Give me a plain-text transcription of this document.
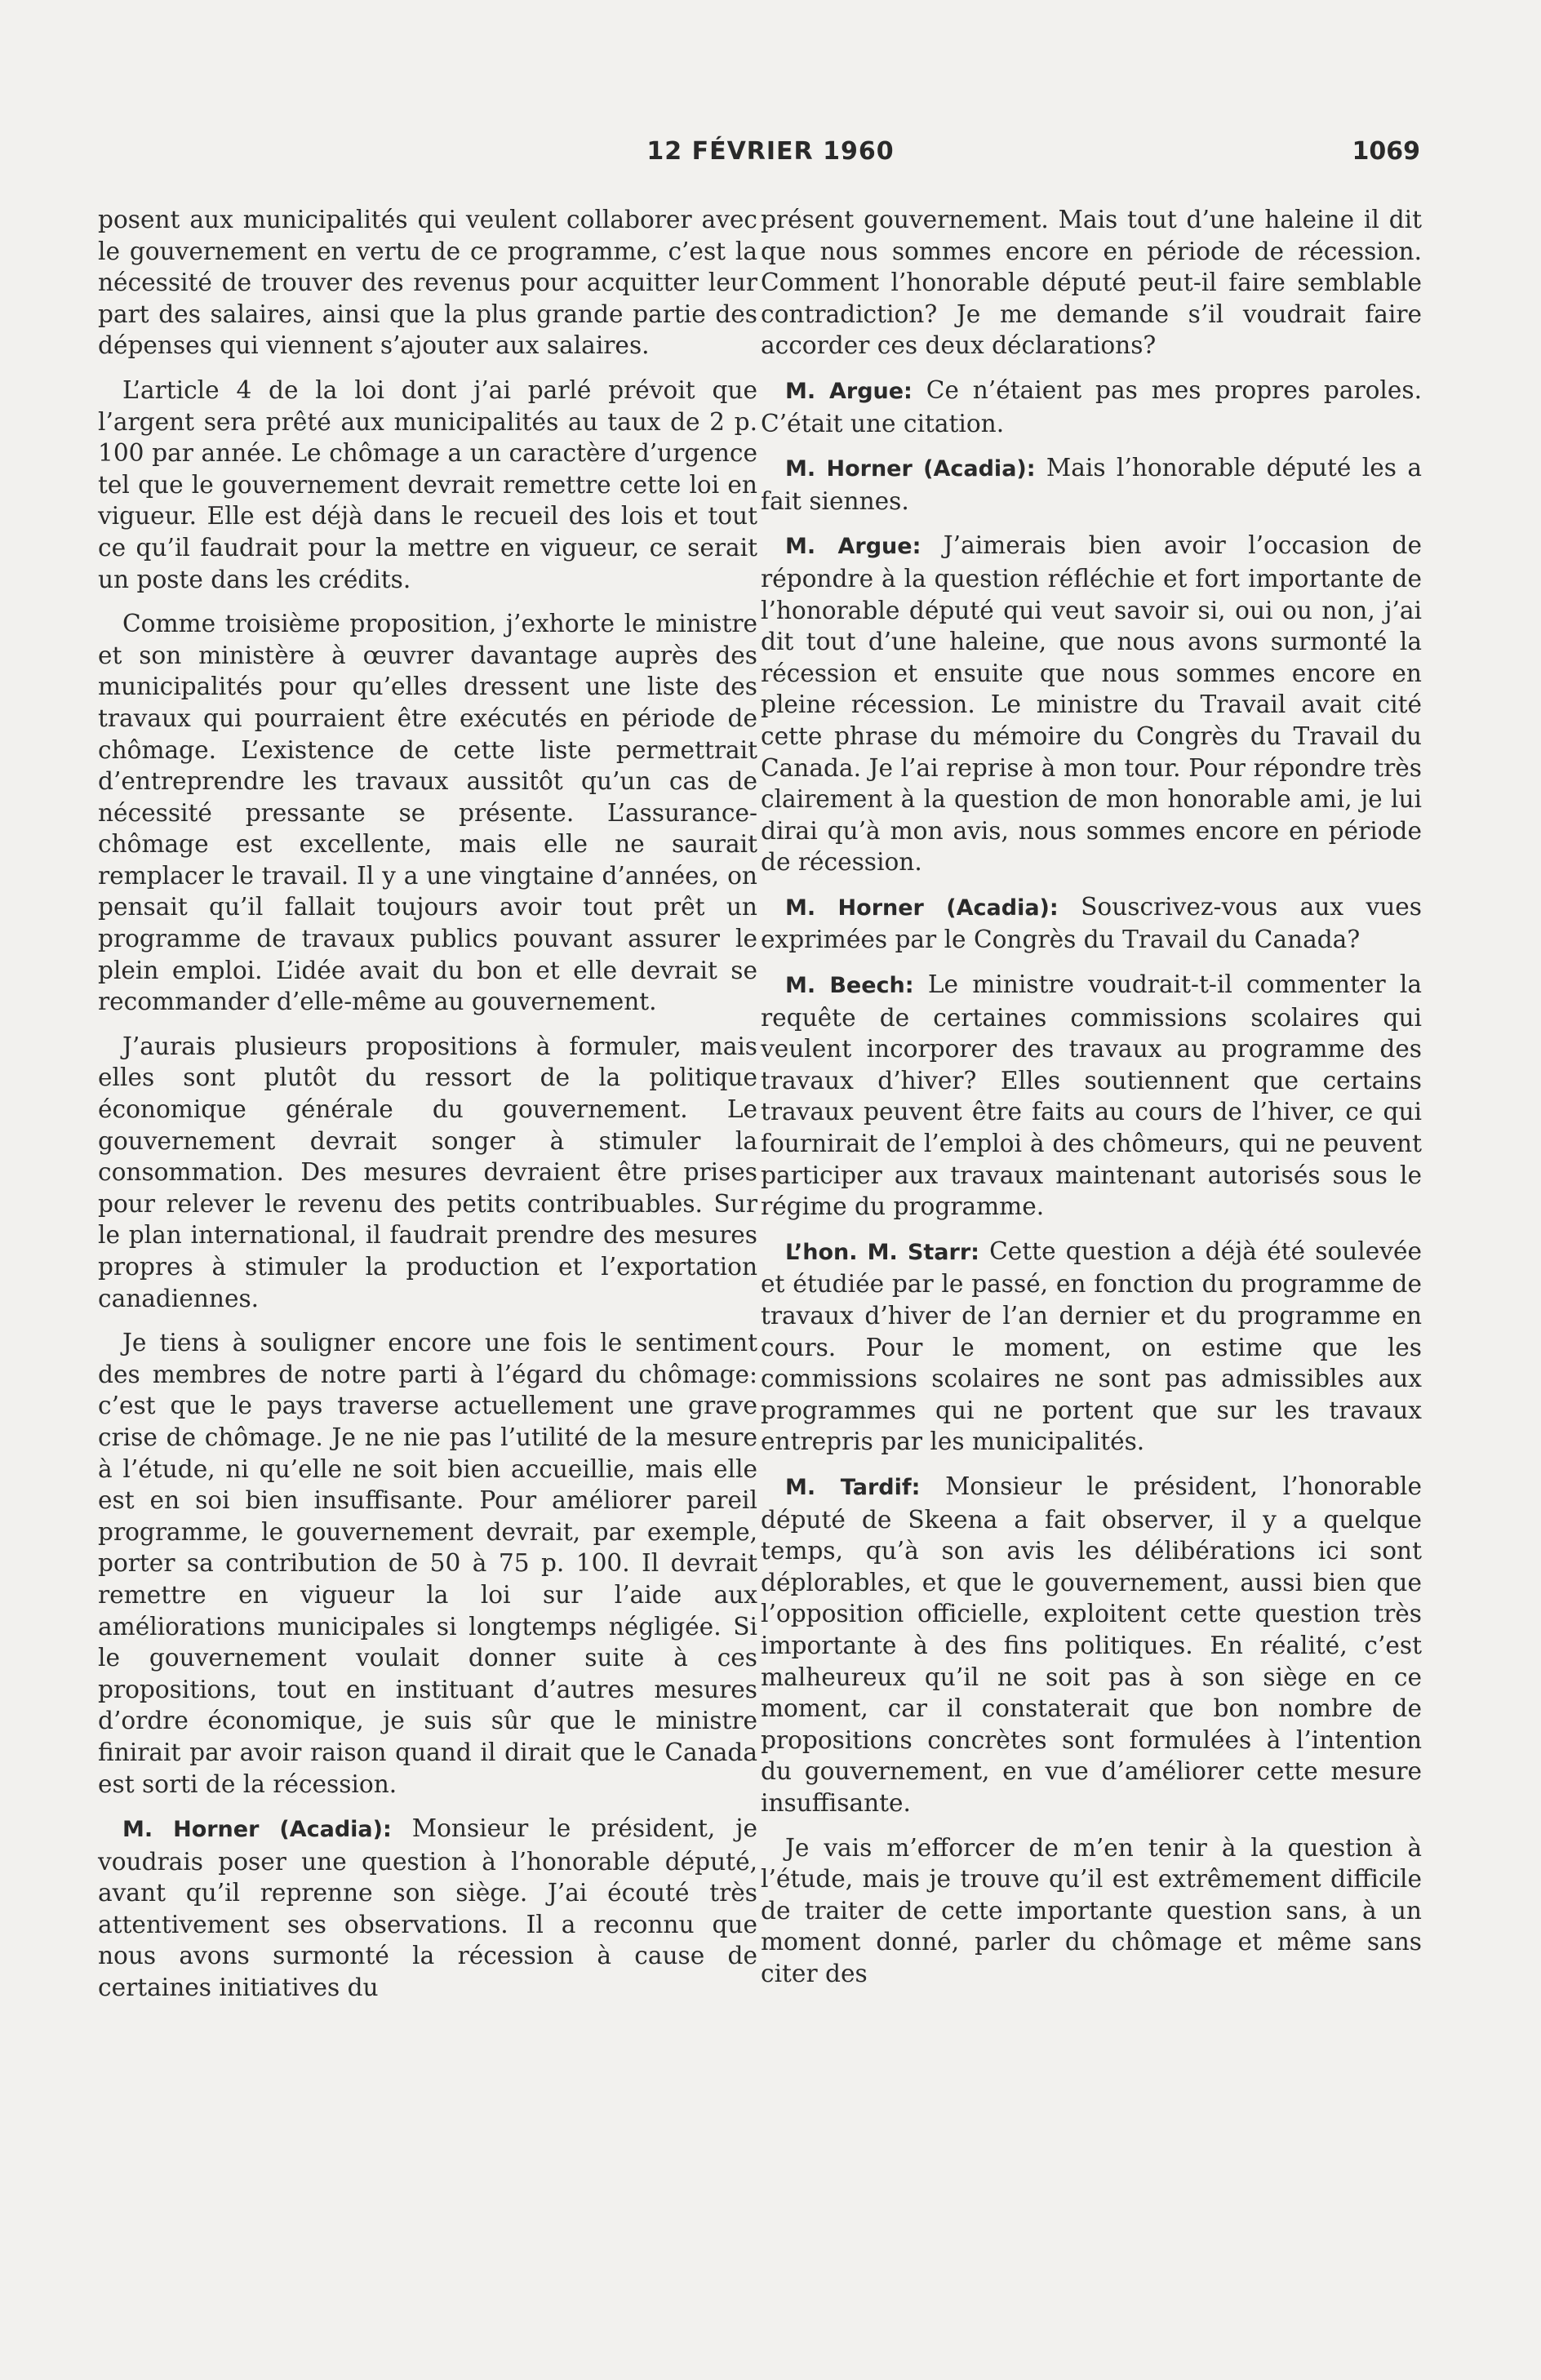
12 FÉVRIER 1960	1069

posent aux municipalités qui veulent collaborer avec le gouvernement en vertu de ce programme, c’est la nécessité de trouver des revenus pour acquitter leur part des salaires, ainsi que la plus grande partie des dépenses qui viennent s’ajouter aux salaires.

L’article 4 de la loi dont j’ai parlé prévoit que l’argent sera prêté aux municipalités au taux de 2 p. 100 par année. Le chômage a un caractère d’urgence tel que le gouvernement devrait remettre cette loi en vigueur. Elle est déjà dans le recueil des lois et tout ce qu’il faudrait pour la mettre en vigueur, ce serait un poste dans les crédits.

Comme troisième proposition, j’exhorte le ministre et son ministère à œuvrer davantage auprès des municipalités pour qu’elles dressent une liste des travaux qui pourraient être exécutés en période de chômage. L’existence de cette liste permettrait d’entreprendre les travaux aussitôt qu’un cas de nécessité pressante se présente. L’assurance-chômage est excellente, mais elle ne saurait remplacer le travail. Il y a une vingtaine d’années, on pensait qu’il fallait toujours avoir tout prêt un programme de travaux publics pouvant assurer le plein emploi. L’idée avait du bon et elle devrait se recommander d’elle-même au gouvernement.

J’aurais plusieurs propositions à formuler, mais elles sont plutôt du ressort de la politique économique générale du gouvernement. Le gouvernement devrait songer à stimuler la consommation. Des mesures devraient être prises pour relever le revenu des petits contribuables. Sur le plan international, il faudrait prendre des mesures propres à stimuler la production et l’exportation canadiennes.

Je tiens à souligner encore une fois le sentiment des membres de notre parti à l’égard du chômage: c’est que le pays traverse actuellement une grave crise de chômage. Je ne nie pas l’utilité de la mesure à l’étude, ni qu’elle ne soit bien accueillie, mais elle est en soi bien insuffisante. Pour améliorer pareil programme, le gouvernement devrait, par exemple, porter sa contribution de 50 à 75 p. 100. Il devrait remettre en vigueur la loi sur l’aide aux améliorations municipales si longtemps négligée. Si le gouvernement voulait donner suite à ces propositions, tout en instituant d’autres mesures d’ordre économique, je suis sûr que le ministre finirait par avoir raison quand il dirait que le Canada est sorti de la récession.

M. Horner (Acadia): Monsieur le président, je voudrais poser une question à l’honorable député, avant qu’il reprenne son siège. J’ai écouté très attentivement ses observations. Il a reconnu que nous avons surmonté la récession à cause de certaines initiatives du

présent gouvernement. Mais tout d’une haleine il dit que nous sommes encore en période de récession. Comment l’honorable député peut-il faire semblable contradiction? Je me demande s’il voudrait faire accorder ces deux déclarations?

M. Argue: Ce n’étaient pas mes propres paroles. C’était une citation.

M. Horner (Acadia): Mais l’honorable député les a fait siennes.

M. Argue: J’aimerais bien avoir l’occasion de répondre à la question réfléchie et fort importante de l’honorable député qui veut savoir si, oui ou non, j’ai dit tout d’une haleine, que nous avons surmonté la récession et ensuite que nous sommes encore en pleine récession. Le ministre du Travail avait cité cette phrase du mémoire du Congrès du Travail du Canada. Je l’ai reprise à mon tour. Pour répondre très clairement à la question de mon honorable ami, je lui dirai qu’à mon avis, nous sommes encore en période de récession.

M. Horner (Acadia): Souscrivez-vous aux vues exprimées par le Congrès du Travail du Canada?

M. Beech: Le ministre voudrait-t-il commenter la requête de certaines commissions scolaires qui veulent incorporer des travaux au programme des travaux d’hiver? Elles soutiennent que certains travaux peuvent être faits au cours de l’hiver, ce qui fournirait de l’emploi à des chômeurs, qui ne peuvent participer aux travaux maintenant autorisés sous le régime du programme.

L’hon. M. Starr: Cette question a déjà été soulevée et étudiée par le passé, en fonction du programme de travaux d’hiver de l’an dernier et du programme en cours. Pour le moment, on estime que les commissions scolaires ne sont pas admissibles aux programmes qui ne portent que sur les travaux entrepris par les municipalités.

M. Tardif: Monsieur le président, l’honorable député de Skeena a fait observer, il y a quelque temps, qu’à son avis les délibérations ici sont déplorables, et que le gouvernement, aussi bien que l’opposition officielle, exploitent cette question très importante à des fins politiques. En réalité, c’est malheureux qu’il ne soit pas à son siège en ce moment, car il constaterait que bon nombre de propositions concrètes sont formulées à l’intention du gouvernement, en vue d’améliorer cette mesure insuffisante.

Je vais m’efforcer de m’en tenir à la question à l’étude, mais je trouve qu’il est extrêmement difficile de traiter de cette importante question sans, à un moment donné, parler du chômage et même sans citer des
